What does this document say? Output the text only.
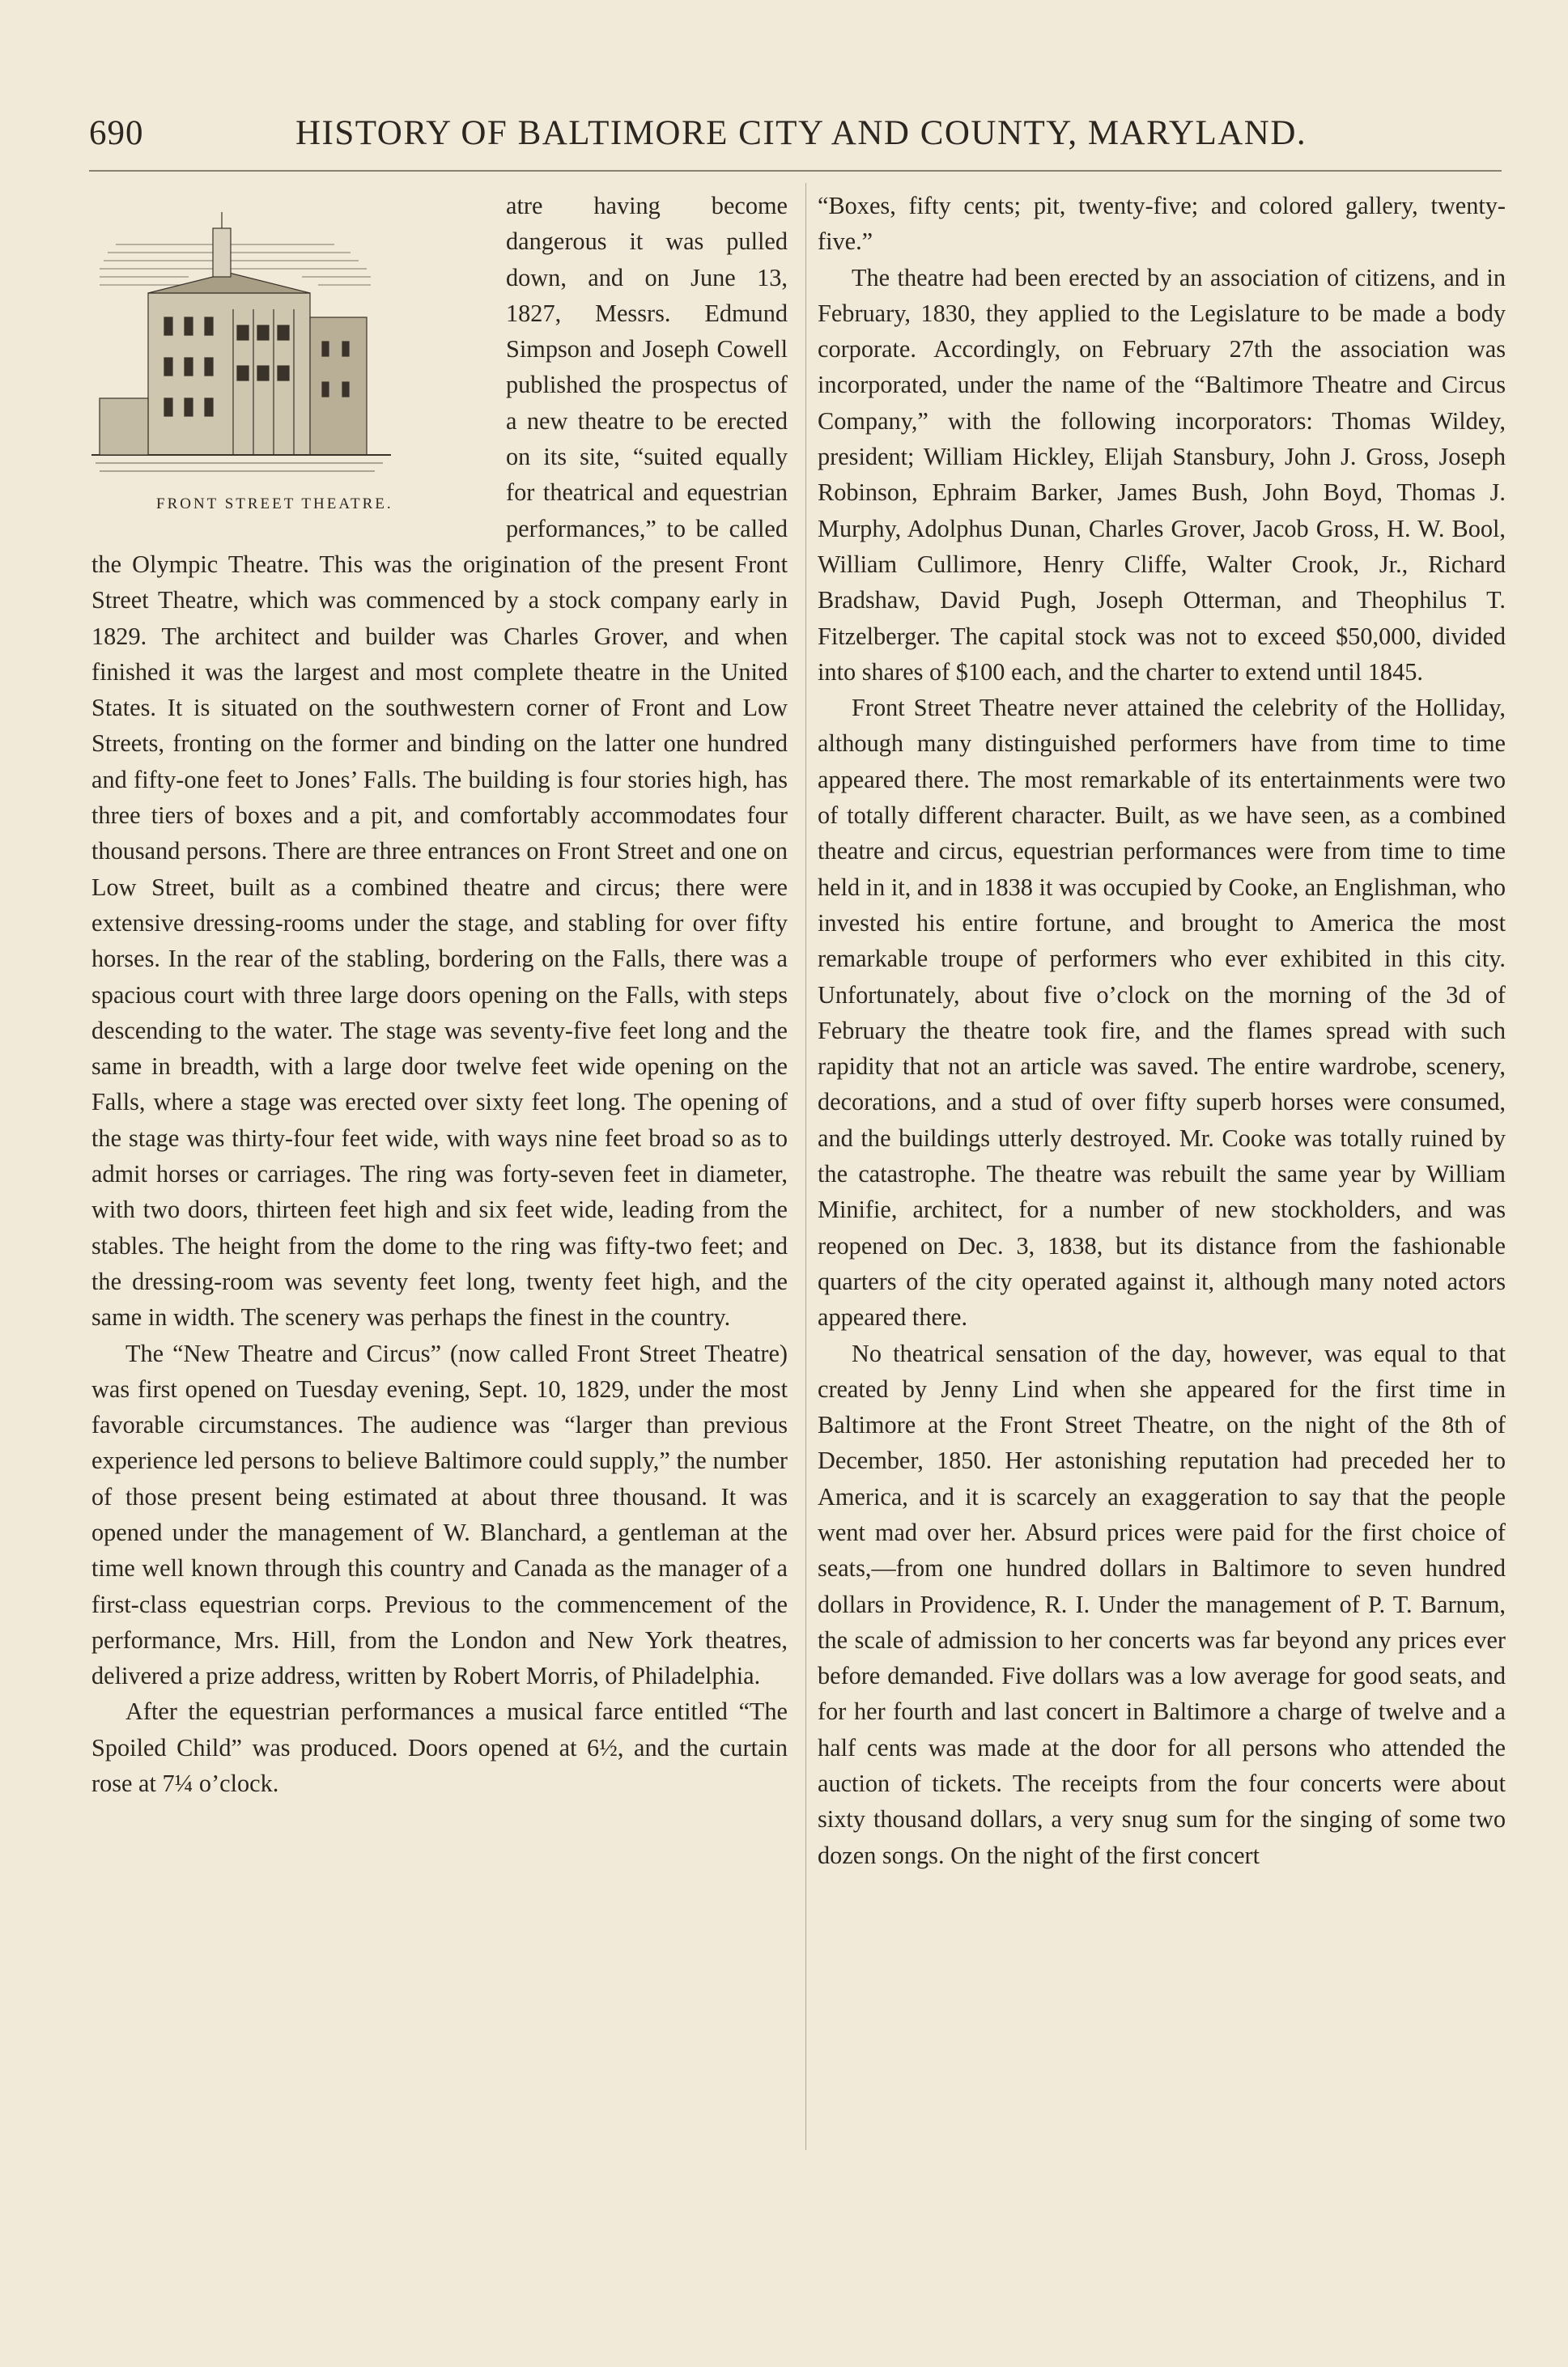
690	HISTORY OF BALTIMORE CITY AND COUNTY, MARYLAND.
FRONT STREET THEATRE.

atre having become dangerous it was pulled down, and on June 13, 1827, Messrs. Edmund Simpson and Joseph Cowell published the prospectus of a new theatre to be erected on its site, “suited equally for theatrical and equestrian performances,” to be called the Olympic Theatre. This was the origination of the present Front Street Theatre, which was commenced by a stock company early in 1829. The architect and builder was Charles Grover, and when finished it was the largest and most complete theatre in the United States. It is situated on the southwestern corner of Front and Low Streets, fronting on the former and binding on the latter one hundred and fifty-one feet to Jones’ Falls. The building is four stories high, has three tiers of boxes and a pit, and comfortably accommodates four thousand persons. There are three entrances on Front Street and one on Low Street, built as a combined theatre and circus; there were extensive dressing-rooms under the stage, and stabling for over fifty horses. In the rear of the stabling, bordering on the Falls, there was a spacious court with three large doors opening on the Falls, with steps descending to the water. The stage was seventy-five feet long and the same in breadth, with a large door twelve feet wide opening on the Falls, where a stage was erected over sixty feet long. The opening of the stage was thirty-four feet wide, with ways nine feet broad so as to admit horses or carriages. The ring was forty-seven feet in diameter, with two doors, thirteen feet high and six feet wide, leading from the stables. The height from the dome to the ring was fifty-two feet; and the dressing-room was seventy feet long, twenty feet high, and the same in width. The scenery was perhaps the finest in the country.

The “New Theatre and Circus” (now called Front Street Theatre) was first opened on Tuesday evening, Sept. 10, 1829, under the most favorable circumstances. The audience was “larger than previous experience led persons to believe Baltimore could supply,” the number of those present being estimated at about three thousand. It was opened under the management of W. Blanchard, a gentleman at the time well known through this country and Canada as the manager of a first-class equestrian corps. Previous to the commencement of the performance, Mrs. Hill, from the London and New York theatres, delivered a prize address, written by Robert Morris, of Philadelphia.

After the equestrian performances a musical farce entitled “The Spoiled Child” was produced. Doors opened at 6½, and the curtain rose at 7¼ o’clock.

“Boxes, fifty cents; pit, twenty-five; and colored gallery, twenty-five.”

The theatre had been erected by an association of citizens, and in February, 1830, they applied to the Legislature to be made a body corporate. Accordingly, on February 27th the association was incorporated, under the name of the “Baltimore Theatre and Circus Company,” with the following incorporators: Thomas Wildey, president; William Hickley, Elijah Stansbury, John J. Gross, Joseph Robinson, Ephraim Barker, James Bush, John Boyd, Thomas J. Murphy, Adolphus Dunan, Charles Grover, Jacob Gross, H. W. Bool, William Cullimore, Henry Cliffe, Walter Crook, Jr., Richard Bradshaw, David Pugh, Joseph Otterman, and Theophilus T. Fitzelberger. The capital stock was not to exceed $50,000, divided into shares of $100 each, and the charter to extend until 1845.

Front Street Theatre never attained the celebrity of the Holliday, although many distinguished performers have from time to time appeared there. The most remarkable of its entertainments were two of totally different character. Built, as we have seen, as a combined theatre and circus, equestrian performances were from time to time held in it, and in 1838 it was occupied by Cooke, an Englishman, who invested his entire fortune, and brought to America the most remarkable troupe of performers who ever exhibited in this city. Unfortunately, about five o’clock on the morning of the 3d of February the theatre took fire, and the flames spread with such rapidity that not an article was saved. The entire wardrobe, scenery, decorations, and a stud of over fifty superb horses were consumed, and the buildings utterly destroyed. Mr. Cooke was totally ruined by the catastrophe. The theatre was rebuilt the same year by William Minifie, architect, for a number of new stockholders, and was reopened on Dec. 3, 1838, but its distance from the fashionable quarters of the city operated against it, although many noted actors appeared there.

No theatrical sensation of the day, however, was equal to that created by Jenny Lind when she appeared for the first time in Baltimore at the Front Street Theatre, on the night of the 8th of December, 1850. Her astonishing reputation had preceded her to America, and it is scarcely an exaggeration to say that the people went mad over her. Absurd prices were paid for the first choice of seats,—from one hundred dollars in Baltimore to seven hundred dollars in Providence, R. I. Under the management of P. T. Barnum, the scale of admission to her concerts was far beyond any prices ever before demanded. Five dollars was a low average for good seats, and for her fourth and last concert in Baltimore a charge of twelve and a half cents was made at the door for all persons who attended the auction of tickets. The receipts from the four concerts were about sixty thousand dollars, a very snug sum for the singing of some two dozen songs. On the night of the first concert
